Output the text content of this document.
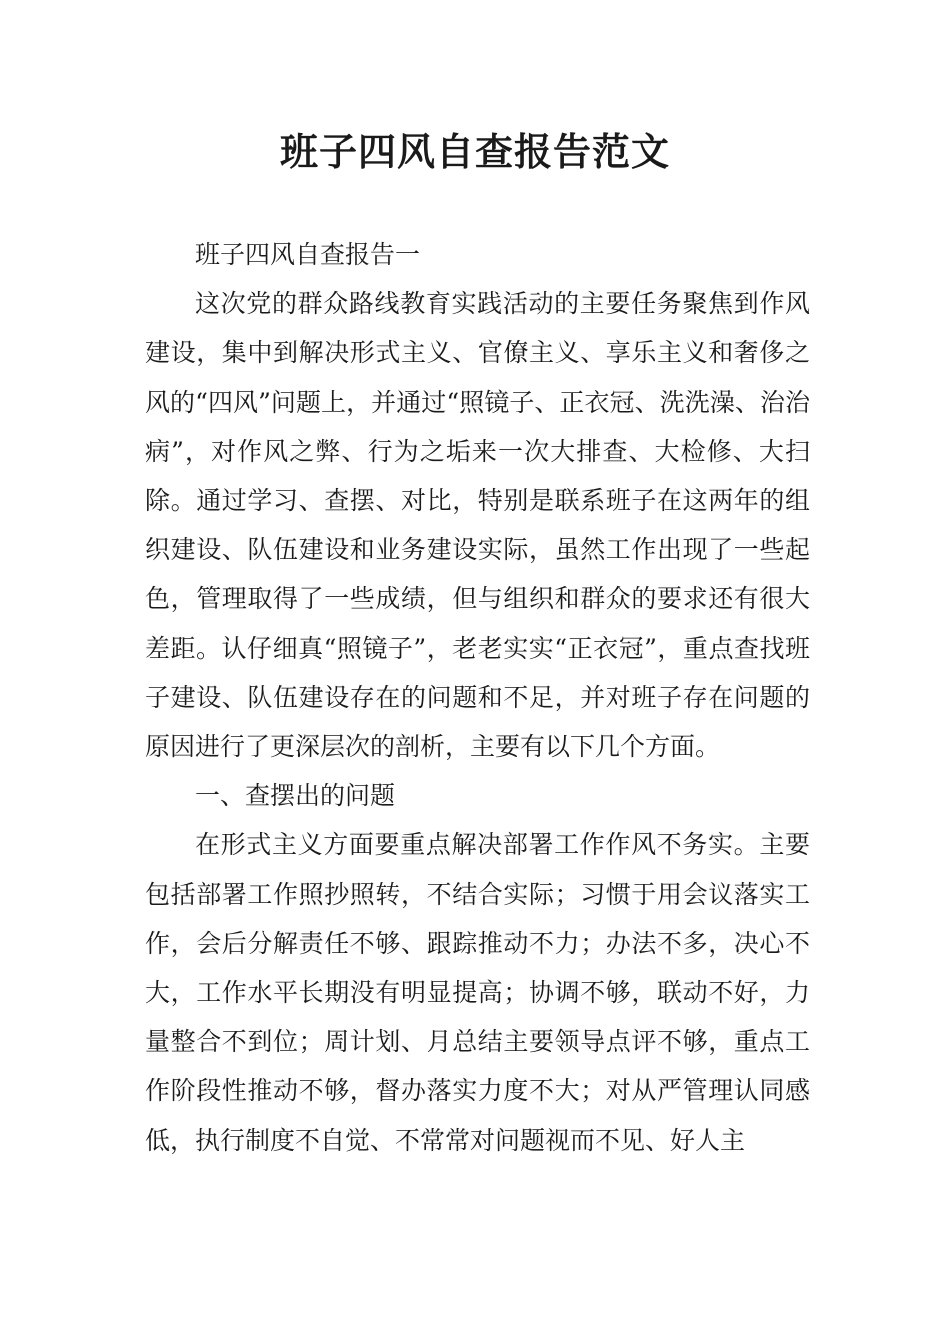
班子四风自查报告范文

班子四风自查报告一

这次党的群众路线教育实践活动的主要任务聚焦到作风建设，集中到解决形式主义、官僚主义、享乐主义和奢侈之风的“四风”问题上，并通过“照镜子、正衣冠、洗洗澡、治治病”，对作风之弊、行为之垢来一次大排查、大检修、大扫除。通过学习、查摆、对比，特别是联系班子在这两年的组织建设、队伍建设和业务建设实际，虽然工作出现了一些起色，管理取得了一些成绩，但与组织和群众的要求还有很大差距。认仔细真“照镜子”，老老实实“正衣冠”，重点查找班子建设、队伍建设存在的问题和不足，并对班子存在问题的原因进行了更深层次的剖析，主要有以下几个方面。

一、查摆出的问题

在形式主义方面要重点解决部署工作作风不务实。主要包括部署工作照抄照转，不结合实际；习惯于用会议落实工作，会后分解责任不够、跟踪推动不力；办法不多，决心不大，工作水平长期没有明显提高；协调不够，联动不好，力量整合不到位；周计划、月总结主要领导点评不够，重点工作阶段性推动不够，督办落实力度不大；对从严管理认同感低，执行制度不自觉、不常常对问题视而不见、好人主
